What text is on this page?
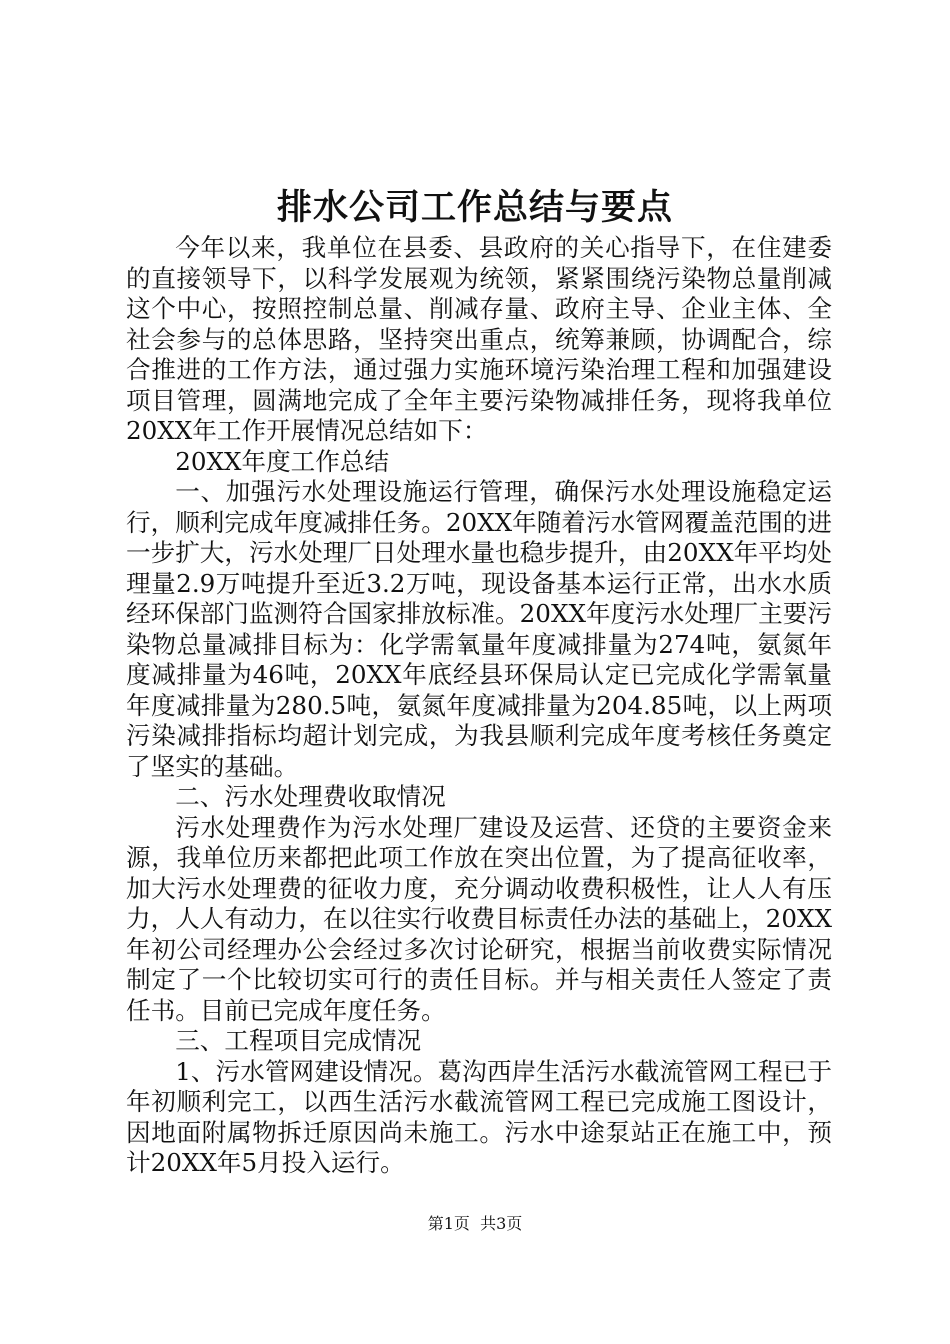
排水公司工作总结与要点

今年以来，我单位在县委、县政府的关心指导下，在住建委的直接领导下，以科学发展观为统领，紧紧围绕污染物总量削减这个中心，按照控制总量、削减存量、政府主导、企业主体、全社会参与的总体思路，坚持突出重点，统筹兼顾，协调配合，综合推进的工作方法，通过强力实施环境污染治理工程和加强建设项目管理，圆满地完成了全年主要污染物减排任务，现将我单位20XX年工作开展情况总结如下：

20XX年度工作总结

一、加强污水处理设施运行管理，确保污水处理设施稳定运行，顺利完成年度减排任务。20XX年随着污水管网覆盖范围的进一步扩大，污水处理厂日处理水量也稳步提升，由20XX年平均处理量2.9万吨提升至近3.2万吨，现设备基本运行正常，出水水质经环保部门监测符合国家排放标准。20XX年度污水处理厂主要污染物总量减排目标为：化学需氧量年度减排量为274吨，氨氮年度减排量为46吨，20XX年底经县环保局认定已完成化学需氧量年度减排量为280.5吨，氨氮年度减排量为204.85吨，以上两项污染减排指标均超计划完成，为我县顺利完成年度考核任务奠定了坚实的基础。

二、污水处理费收取情况

污水处理费作为污水处理厂建设及运营、还贷的主要资金来源，我单位历来都把此项工作放在突出位置，为了提高征收率，加大污水处理费的征收力度，充分调动收费积极性，让人人有压力，人人有动力，在以往实行收费目标责任办法的基础上，20XX年初公司经理办公会经过多次讨论研究，根据当前收费实际情况制定了一个比较切实可行的责任目标。并与相关责任人签定了责任书。目前已完成年度任务。

三、工程项目完成情况

1、污水管网建设情况。葛沟西岸生活污水截流管网工程已于年初顺利完工，以西生活污水截流管网工程已完成施工图设计，因地面附属物拆迁原因尚未施工。污水中途泵站正在施工中，预计20XX年5月投入运行。

第1页  共3页
